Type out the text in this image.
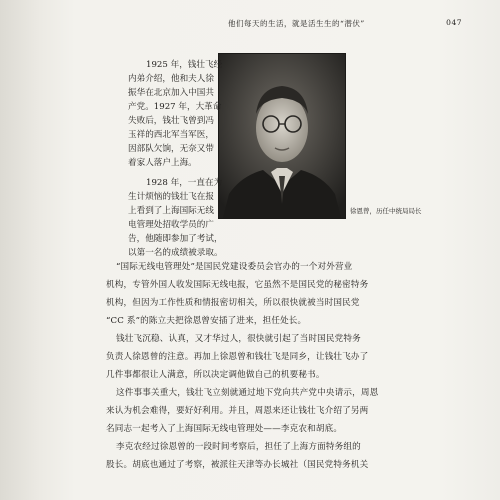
他们每天的生活，就是活生生的“潜伏”	047
徐恩曾，历任中统局局长
1925 年，钱壮飞经
内弟介绍，他和夫人徐
振华在北京加入中国共
产党。1927 年，大革命
失败后，钱壮飞曾到冯
玉祥的西北军当军医，
因部队欠饷，无奈又带
着家人落户上海。
1928 年，一直在为
生计烦恼的钱壮飞在报
上看到了上海国际无线
电管理处招收学员的广
告，他随即参加了考试，
以第一名的成绩被录取。
“国际无线电管理处”是国民党建设委员会官办的一个对外营业
机构，专管外国人收发国际无线电报，它虽然不是国民党的秘密特务
机构，但因为工作性质和情报密切相关，所以很快就被当时国民党
“CC 系”的陈立夫把徐恩曾安插了进来，担任处长。
钱壮飞沉稳、认真，又才华过人，很快就引起了当时国民党特务
负责人徐恩曾的注意。再加上徐恩曾和钱壮飞是同乡，让钱壮飞办了
几件事都很让人满意，所以决定调他做自己的机要秘书。
这件事事关重大，钱壮飞立刻就通过地下党向共产党中央请示，周恩
来认为机会难得，要好好利用。并且，周恩来还让钱壮飞介绍了另两
名同志一起考入了上海国际无线电管理处——李克农和胡底。
李克农经过徐恩曾的一段时间考察后，担任了上海方面特务组的
股长。胡底也通过了考察，被派往天津等办长城社（国民党特务机关
